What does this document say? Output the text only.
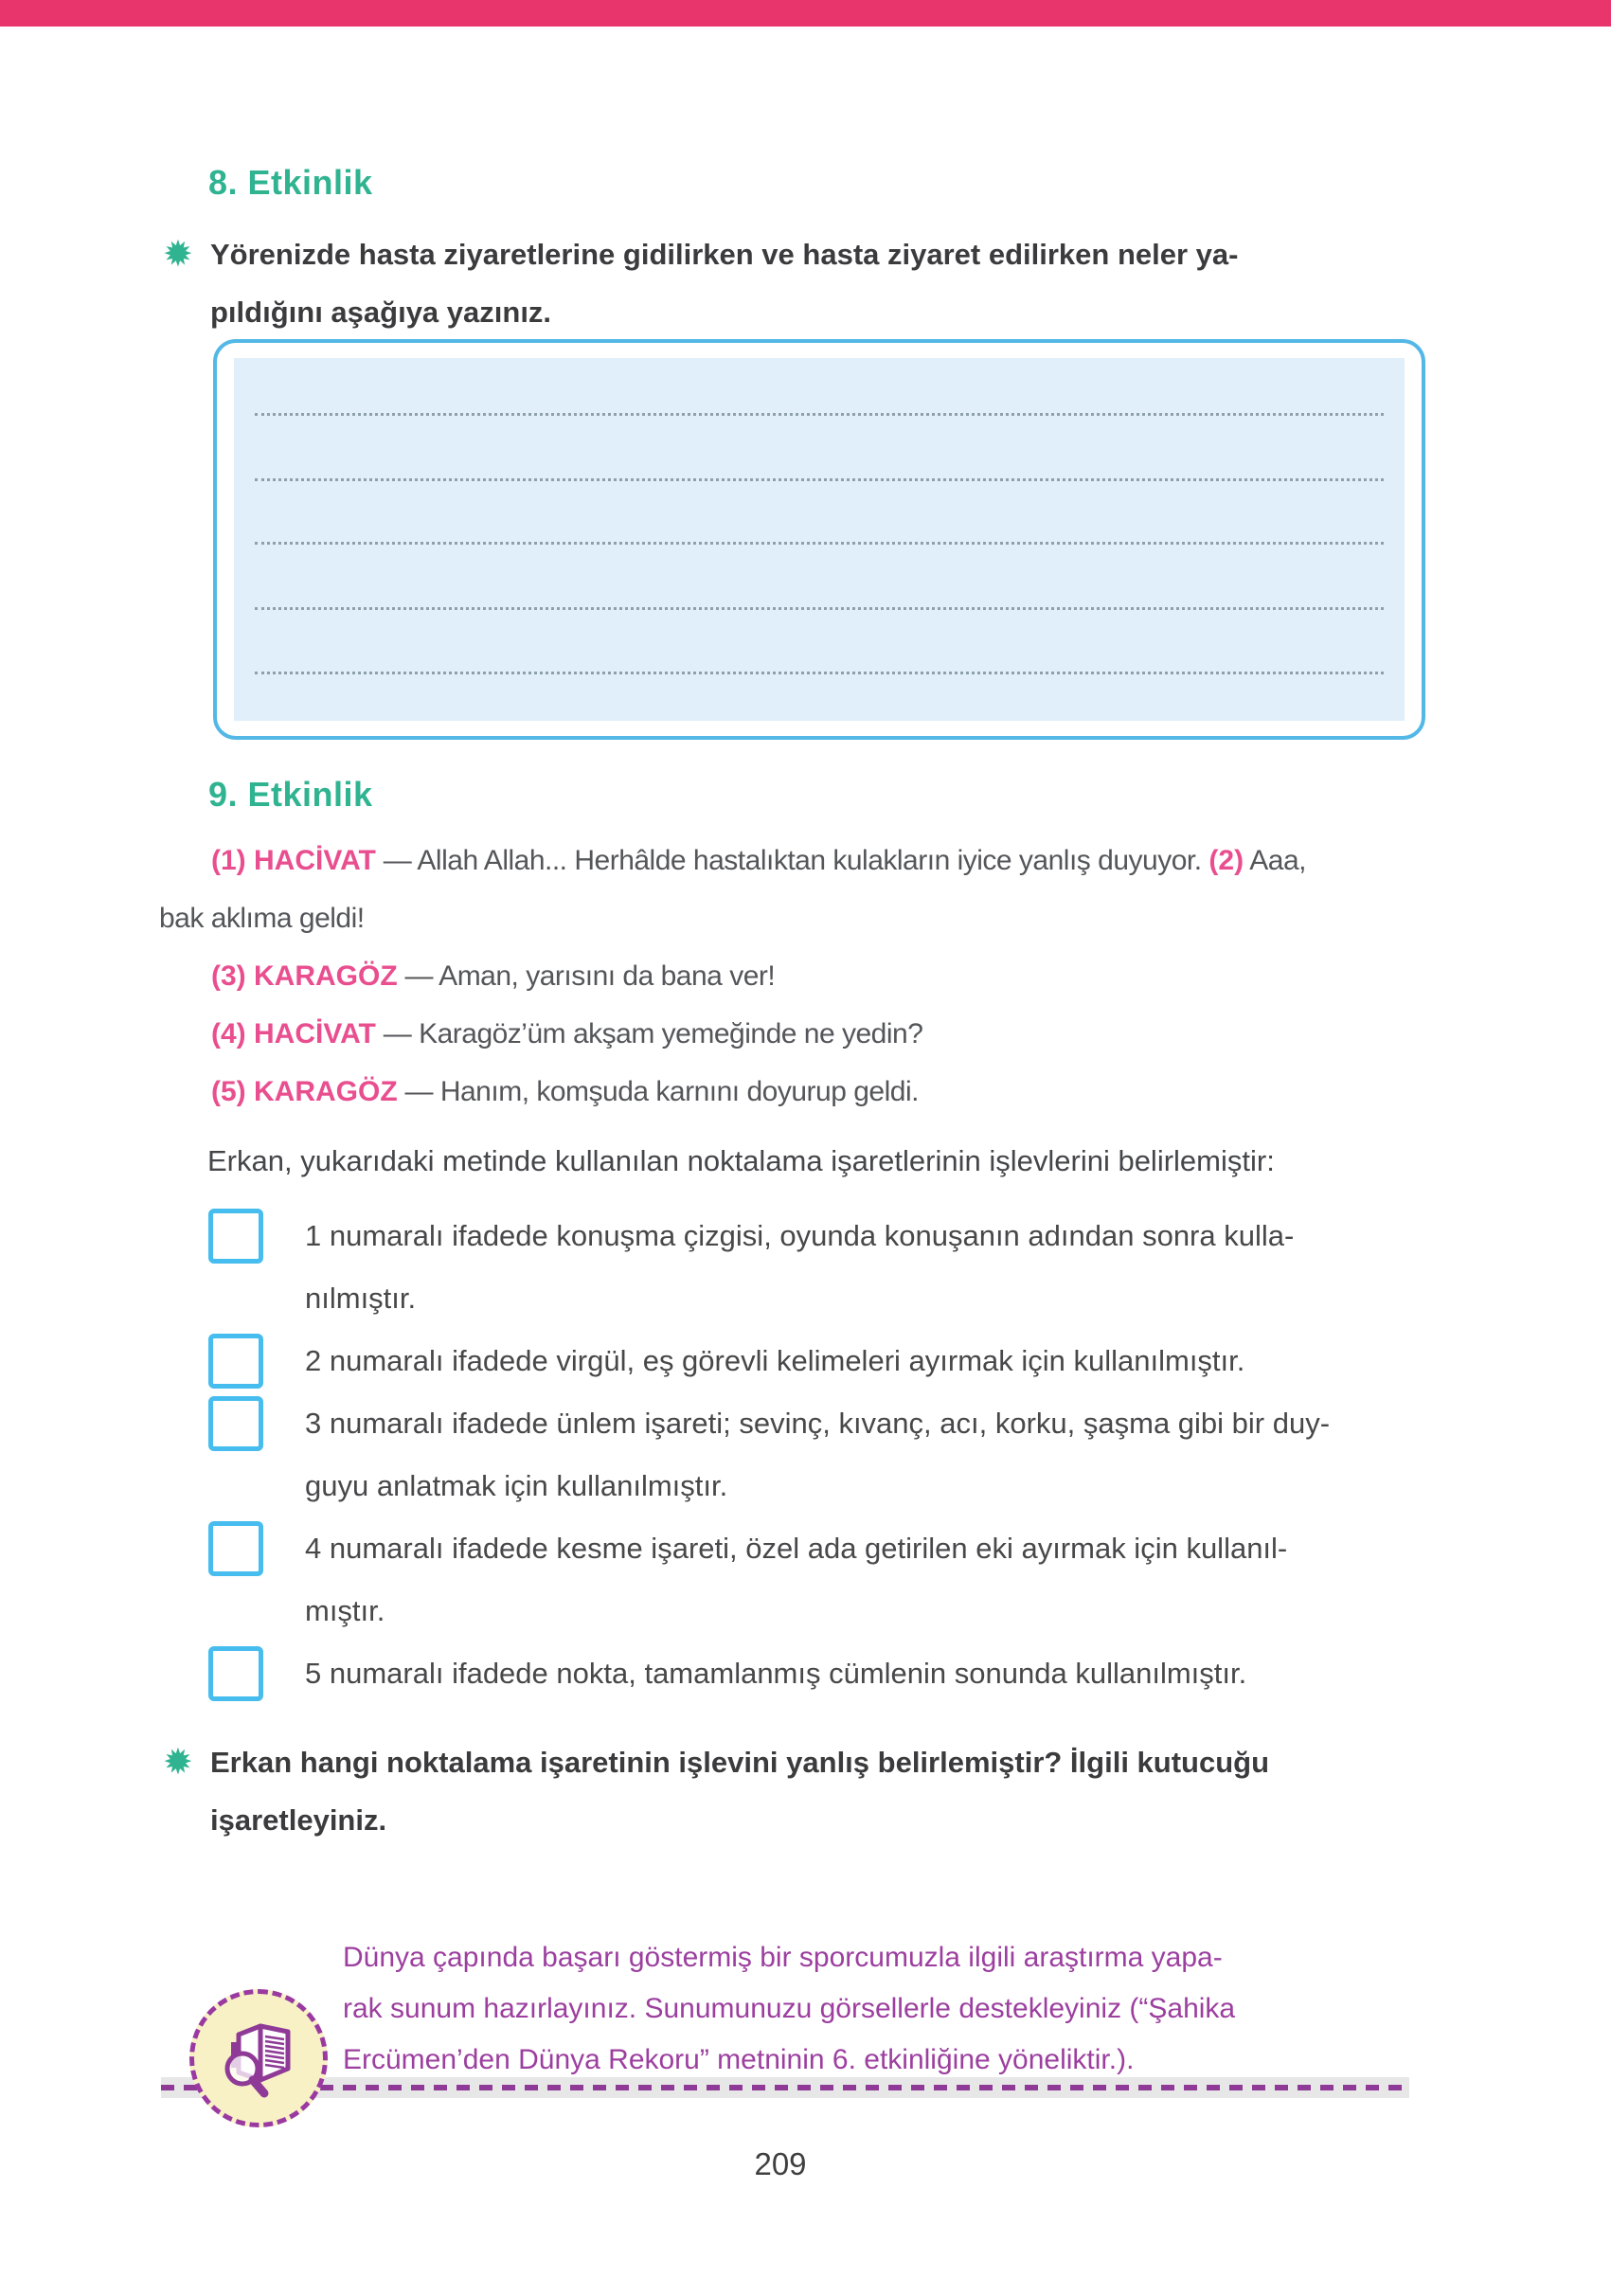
8. Etkinlik
✹ Yörenizde hasta ziyaretlerine gidilirken ve hasta ziyaret edilirken neler ya-
pıldığını aşağıya yazınız.
9. Etkinlik
(1) HACİVAT — Allah Allah... Herhâlde hastalıktan kulakların iyice yanlış duyuyor. (2) Aaa,
bak aklıma geldi!
(3) KARAGÖZ — Aman, yarısını da bana ver!
(4) HACİVAT — Karagöz’üm akşam yemeğinde ne yedin?
(5) KARAGÖZ — Hanım, komşuda karnını doyurup geldi.
Erkan, yukarıdaki metinde kullanılan noktalama işaretlerinin işlevlerini belirlemiştir:
1 numaralı ifadede konuşma çizgisi, oyunda konuşanın adından sonra kulla-
nılmıştır.
2 numaralı ifadede virgül, eş görevli kelimeleri ayırmak için kullanılmıştır.
3 numaralı ifadede ünlem işareti; sevinç, kıvanç, acı, korku, şaşma gibi bir duy-
guyu anlatmak için kullanılmıştır.
4 numaralı ifadede kesme işareti, özel ada getirilen eki ayırmak için kullanıl-
mıştır.
5 numaralı ifadede nokta, tamamlanmış cümlenin sonunda kullanılmıştır.
✹ Erkan hangi noktalama işaretinin işlevini yanlış belirlemiştir? İlgili kutucuğu
işaretleyiniz.
Dünya çapında başarı göstermiş bir sporcumuzla ilgili araştırma yapa-
rak sunum hazırlayınız. Sunumunuzu görsellerle destekleyiniz (“Şahika
Ercümen’den Dünya Rekoru” metninin 6. etkinliğine yöneliktir.).
209
